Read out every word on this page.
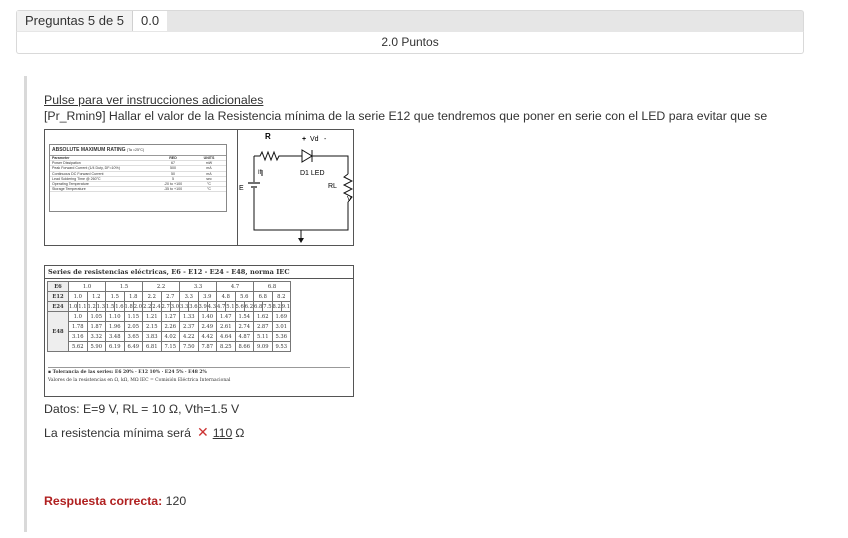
Preguntas 5 de 5	0.0
2.0 Puntos
Pulse para ver instrucciones adicionales
[Pr_Rmin9] Hallar el valor de la Resistencia mínima de la serie E12 que tendremos que poner en serie con el LED para evitar que se
ABSOLUTE MAXIMUM RATING (Ta =25°C)
Parameter	RED	UNITS
Power Dissipation	67	mW
Peak Forward Current (1/4 Duty, DF=10%)	500	mA
Continuous DC Forward Current	50	mA
Lead Soldering Time @ 260°C	5	sec
Operating Temperature	-20 to +100	°C
Storage Temperature	-35 to +100	°C
R	+ Vd -
If	D1 LED
RL
E
V
Series de resistencias eléctricas, E6 - E12 - E24 - E48, norma IEC
E6	1.0				1.5				2.2				3.3				4.7				6.8			
E12	1.0		1.2		1.5		1.8		2.2		2.7		3.3		3.9		4.8		5.6		6.8		8.2	
E24	1.0	1.1	1.2	1.3	1.5	1.6	1.8	2.0	2.2	2.4	2.7	3.0	3.3	3.6	3.9	4.3	4.7	5.1	5.6	6.2	6.8	7.5	8.2	9.1
E48	1.0		1.05		1.10		1.15		1.21		1.27		1.33		1.40		1.47		1.54		1.62		1.69	
	1.78		1.87		1.96		2.05		2.15		2.26		2.37		2.49		2.61		2.74		2.87		3.01	
	3.16		3.32		3.48		3.65		3.83		4.02		4.22		4.42		4.64		4.87		5.11		5.36	
	5.62		5.90		6.19		6.49		6.81		7.15		7.50		7.87		8.25		8.66		9.09		9.53	
▪ Tolerancia de las series: E6 20% · E12 10% · E24 5% · E48 2%
Valores de la resistencias en Ω, kΩ, MΩ IEC = Comisión Eléctrica Internacional
Datos: E=9 V, RL = 10 Ω, Vth=1.5 V
La resistencia mínima será ✕ 110 Ω
Respuesta correcta: 120
